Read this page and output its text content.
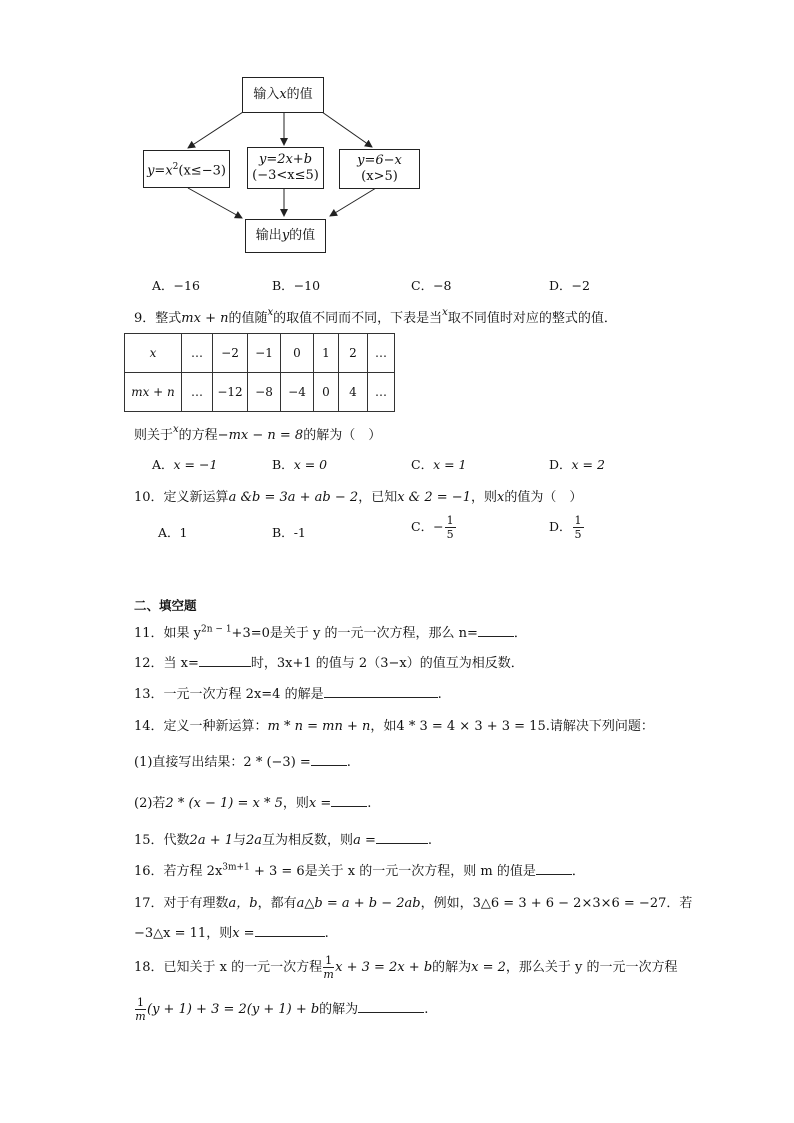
输入 x 的值
$y=x^2(x\le-3)$
y=2x+b
(−3<x≤5)
y=6−x
(x>5)
输出 y 的值
A．−16	B．−10	C．−8	D．−2
9．整式mx + n的值随$^x$的取值不同而不同，下表是当$^x$取不同值时对应的整式的值．
x	…	−2	−1	0	1	2	…
mx + n	…	−12	−8	−4	0	4	…
则关于$^x$的方程−mx − n = 8的解为（　）
A．x = −1	B．x = 0	C．x = 1	D．x = 2
10．定义新运算a &b = 3a + ab − 2，已知x & 2 = −1，则x的值为（　）
A．1	B．-1	C．− $\frac{1}{5}$	D． $\frac{1}{5}$
二、填空题
11．如果 $y^{2n - 1}+3=0$是关于 y 的一元一次方程，那么 n=	．
12．当 x=	时，3x+1 的值与 2（3−x）的值互为相反数．
13．一元一次方程 2x=4 的解是	.
14．定义一种新运算：m * n = mn + n，如4 * 3 = 4 × 3 + 3 = 15.请解决下列问题：
(1)直接写出结果：2 * (−3) =	.
(2)若2 * (x − 1) = x * 5，则x =	.
15．代数2a + 1与2a互为相反数，则a =	.
16．若方程 $2x^{3m+1} + 3 = 6$是关于 x 的一元一次方程，则 m 的值是	．
17．对于有理数a，b，都有a△b = a + b − 2ab，例如，3△6 = 3 + 6 − 2×3×6 = −27．若
−3△x = 11，则x =	.
18．已知关于 x 的一元一次方程 $\frac{1}{m}$ x + 3 = 2x + b的解为x = 2，那么关于 y 的一元一次方程
$\frac{1}{m} (y + 1) + 3 = 2(y + 1) + b$的解为	.
